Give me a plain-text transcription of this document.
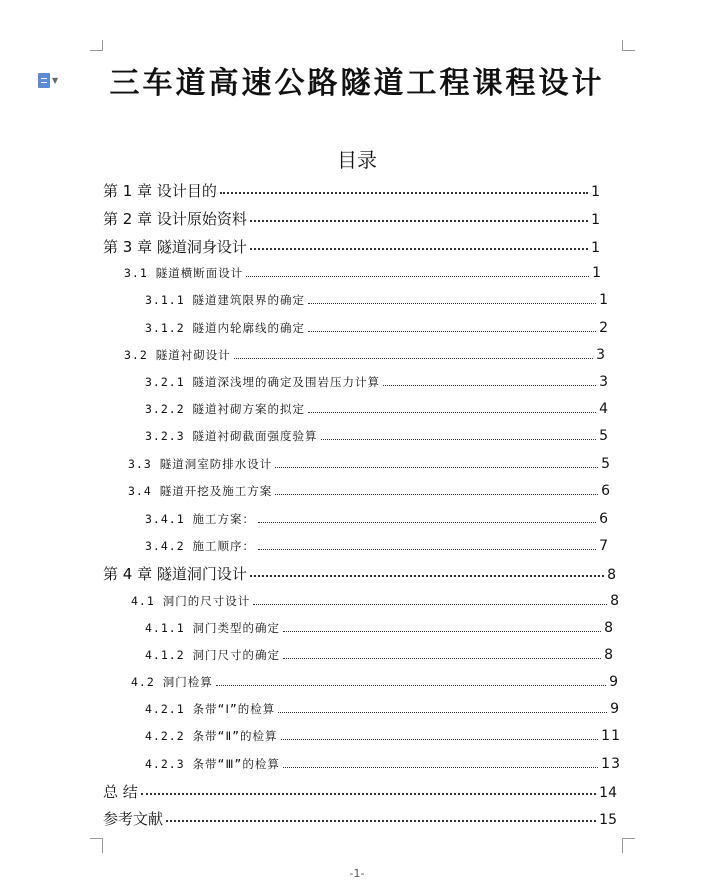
▼	三车道高速公路隧道工程课程设计
目录
第 1 章 设计目的	1
第 2 章 设计原始资料	1
第 3 章 隧道洞身设计	1
3.1 隧道横断面设计	1
3.1.1 隧道建筑限界的确定	1
3.1.2 隧道内轮廓线的确定	2
3.2 隧道衬砌设计	3
3.2.1 隧道深浅埋的确定及围岩压力计算	3
3.2.2 隧道衬砌方案的拟定	4
3.2.3 隧道衬砌截面强度验算	5
3.3 隧道洞室防排水设计	5
3.4 隧道开挖及施工方案	6
3.4.1 施工方案：	6
3.4.2 施工顺序：	7
第 4 章 隧道洞门设计	8
4.1 洞门的尺寸设计	8
4.1.1 洞门类型的确定	8
4.1.2 洞门尺寸的确定	8
4.2 洞门检算	9
4.2.1 条带“Ⅰ”的检算	9
4.2.2 条带“Ⅱ”的检算	11
4.2.3 条带“Ⅲ”的检算	13
总 结	14
参考文献	15
-1-
